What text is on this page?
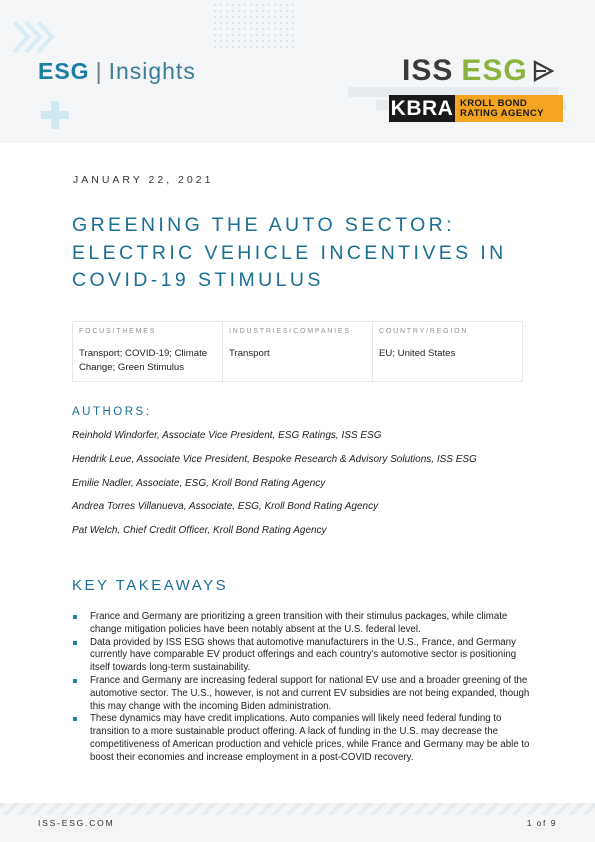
ESG | Insights	ISS ESG
KBRA KROLL BOND
RATING AGENCY
JANUARY 22, 2021
GREENING THE AUTO SECTOR: ELECTRIC VEHICLE INCENTIVES IN COVID-19 STIMULUS
FOCUS/THEMES
Transport; COVID-19; Climate Change; Green Stimulus
INDUSTRIES/COMPANIES
Transport
COUNTRY/REGION
EU; United States
AUTHORS:
Reinhold Windorfer, Associate Vice President, ESG Ratings, ISS ESG
Hendrik Leue, Associate Vice President, Bespoke Research & Advisory Solutions, ISS ESG
Emilie Nadler, Associate, ESG, Kroll Bond Rating Agency
Andrea Torres Villanueva, Associate, ESG, Kroll Bond Rating Agency
Pat Welch, Chief Credit Officer, Kroll Bond Rating Agency
KEY TAKEAWAYS
France and Germany are prioritizing a green transition with their stimulus packages, while climate change mitigation policies have been notably absent at the U.S. federal level.
Data provided by ISS ESG shows that automotive manufacturers in the U.S., France, and Germany currently have comparable EV product offerings and each country’s automotive sector is positioning itself towards long-term sustainability.
France and Germany are increasing federal support for national EV use and a broader greening of the automotive sector. The U.S., however, is not and current EV subsidies are not being expanded, though this may change with the incoming Biden administration.
These dynamics may have credit implications. Auto companies will likely need federal funding to transition to a more sustainable product offering. A lack of funding in the U.S. may decrease the competitiveness of American production and vehicle prices, while France and Germany may be able to boost their economies and increase employment in a post-COVID recovery.
ISS-ESG.COM	1 of 9
